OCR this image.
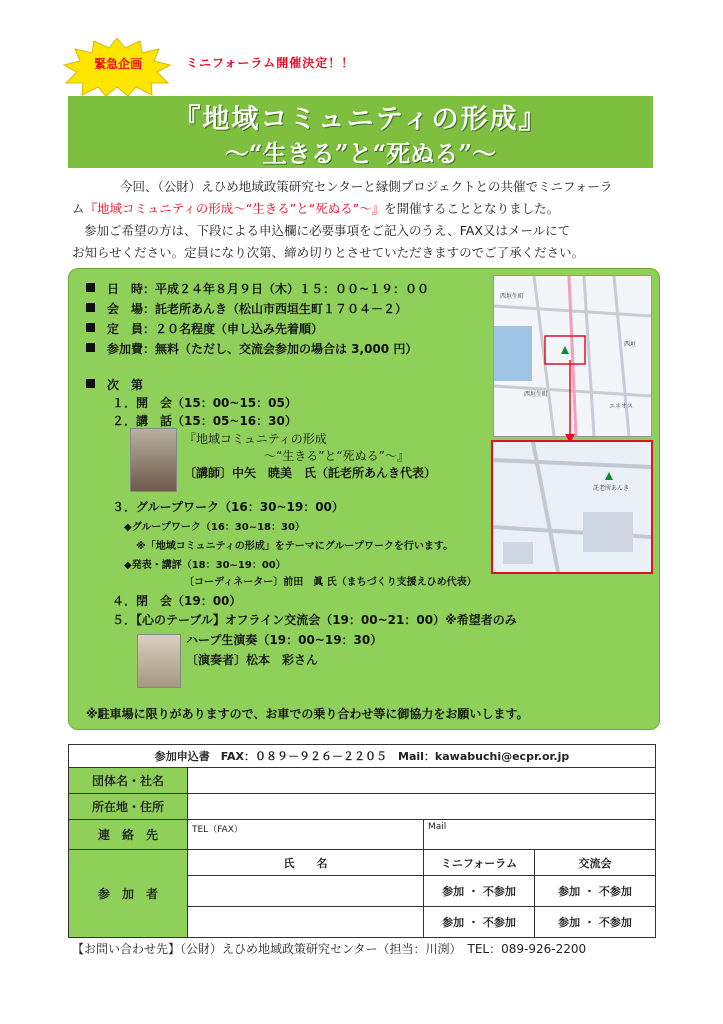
緊急企画	ミニフォーラム開催決定！！
『地域コミュニティの形成』
～“生きる”と“死ぬる”～

今回、（公財）えひめ地域政策研究センターと縁側プロジェクトとの共催でミニフォーラ

ム『地域コミュニティの形成～“生きる”と“死ぬる”～』を開催することとなりました。

参加ご希望の方は、下段による申込欄に必要事項をご記入のうえ、FAX又はメールにて

お知らせください。定員になり次第、締め切りとさせていただきますのでご了承ください。

日　時：平成２４年８月９日（木）１５：００~１９：００
会　場：託老所あんき（松山市西垣生町１７０４－２）
定　員：２０名程度（申し込み先着順）
参加費：無料（ただし、交流会参加の場合は 3,000 円）
次　第
１．開　会（15：00~15：05）
２．講　話（15：05~16：30）
『地域コミュニティの形成
～“生きる”と“死ぬる”～』
〔講師〕中矢　暁美　氏（託老所あんき代表）
３．グループワーク（16：30~19：00）
◆グループワーク（16：30~18：30）
※「地域コミュニティの形成」をテーマにグループワークを行います。
◆発表・講評（18：30~19：00）
〔コーディネーター〕前田　眞 氏（まちづくり支援えひめ代表）
４．閉　会（19：00）
５．【心のテーブル】オフライン交流会（19：00~21：00）※希望者のみ
ハープ生演奏（19：00~19：30）
〔演奏者〕松本　彩さん
※駐車場に限りがありますので、お車での乗り合わせ等に御協力をお願いします。
西垣生町
西垣生町
西垣
エネオス
託老所あんき
参加申込書　FAX：０８９－９２６－２２０５　Mail：kawabuchi@ecpr.or.jp			
団体名・社名			
所在地・住所			
連　絡　先	TEL（FAX）	Mail	
参　加　者	氏　　名	ミニフォーラム	交流会
		参加 ・ 不参加	参加 ・ 不参加
		参加 ・ 不参加	参加 ・ 不参加
【お問い合わせ先】（公財）えひめ地域政策研究センター（担当：川渕）　TEL：089-926-2200
